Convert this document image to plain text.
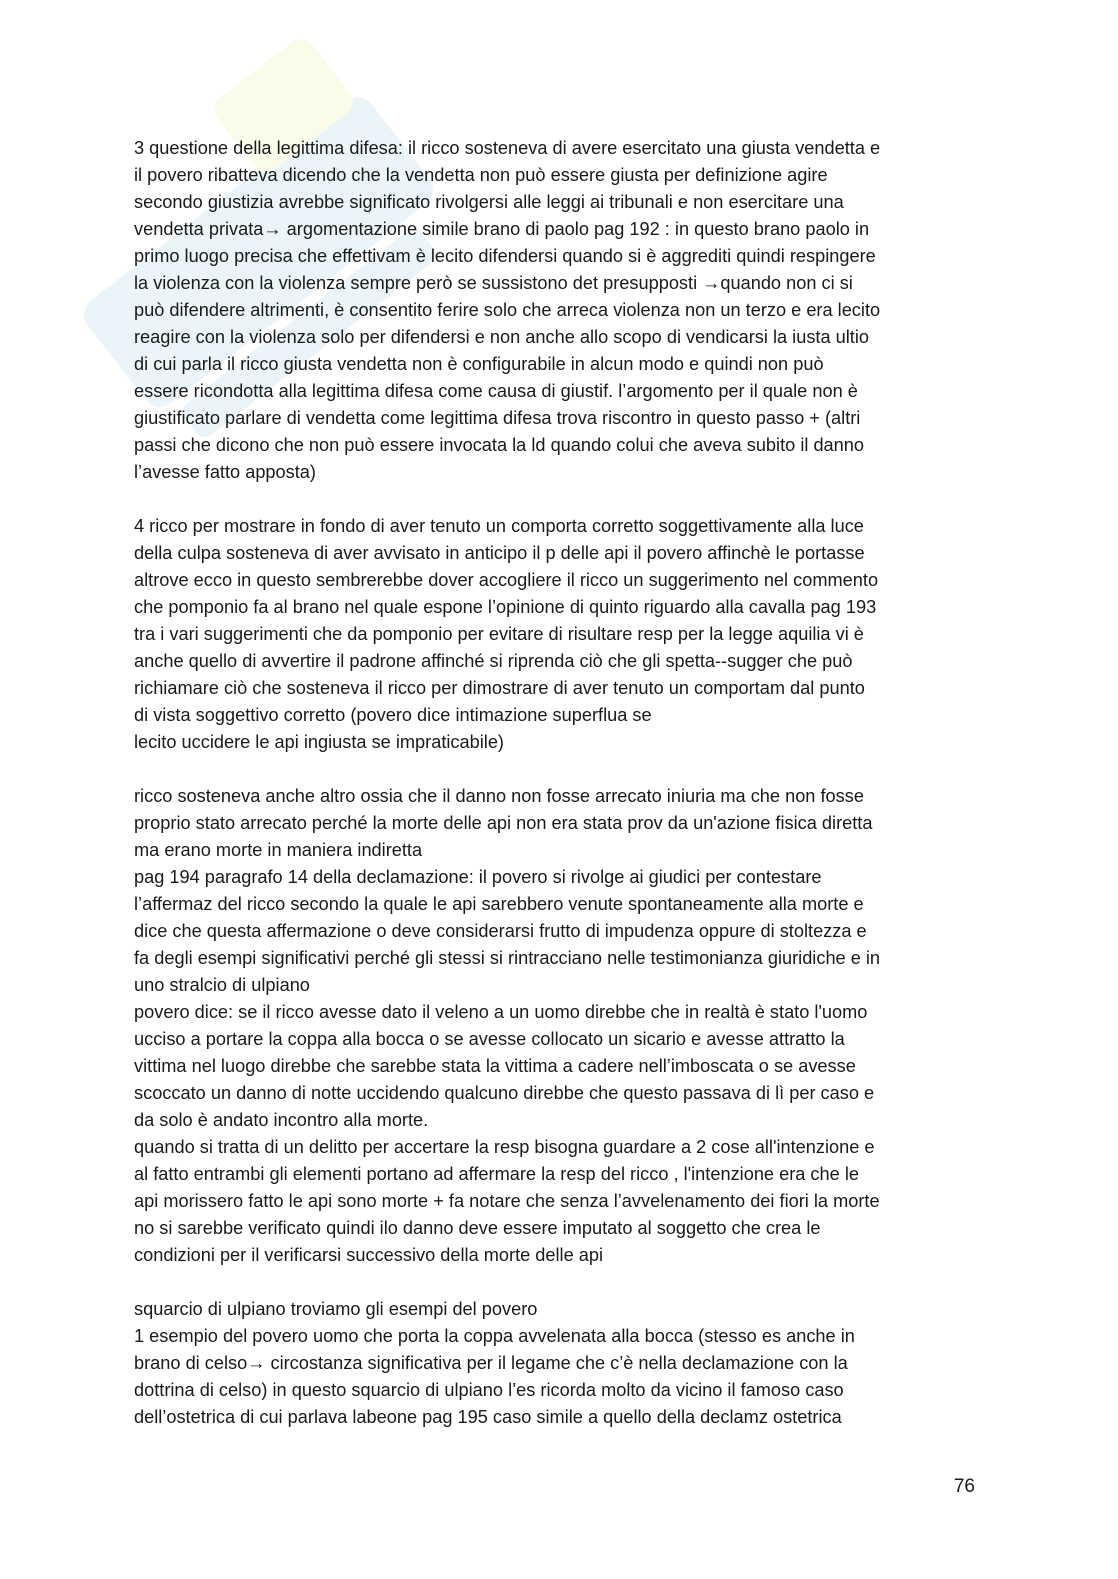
3 questione della legittima difesa: il ricco sosteneva di avere esercitato una giusta vendetta e
il povero ribatteva dicendo che la vendetta non può essere giusta per definizione agire
secondo giustizia avrebbe significato rivolgersi alle leggi ai tribunali e non esercitare una
vendetta privata→ argomentazione simile brano di paolo pag 192 : in questo brano paolo in
primo luogo precisa che effettivam è lecito difendersi quando si è aggrediti quindi respingere
la violenza con la violenza sempre però se sussistono det presupposti →quando non ci si
può difendere altrimenti, è consentito ferire solo che arreca violenza non un terzo e era lecito
reagire con la violenza solo per difendersi e non anche allo scopo di vendicarsi la iusta ultio
di cui parla il ricco giusta vendetta non è configurabile in alcun modo e quindi non può
essere ricondotta alla legittima difesa come causa di giustif. l’argomento per il quale non è
giustificato parlare di vendetta come legittima difesa trova riscontro in questo passo + (altri
passi che dicono che non può essere invocata la ld quando colui che aveva subito il danno
l’avesse fatto apposta)
4 ricco per mostrare in fondo di aver tenuto un comporta corretto soggettivamente alla luce
della culpa sosteneva di aver avvisato in anticipo il p delle api il povero affinchè le portasse
altrove ecco in questo sembrerebbe dover accogliere il ricco un suggerimento nel commento
che pomponio fa al brano nel quale espone l’opinione di quinto riguardo alla cavalla pag 193
tra i vari suggerimenti che da pomponio per evitare di risultare resp per la legge aquilia vi è
anche quello di avvertire il padrone affinché si riprenda ciò che gli spetta--sugger che può
richiamare ciò che sosteneva il ricco per dimostrare di aver tenuto un comportam dal punto
di vista soggettivo corretto (povero dice intimazione superflua se
lecito uccidere le api ingiusta se impraticabile)
ricco sosteneva anche altro ossia che il danno non fosse arrecato iniuria ma che non fosse
proprio stato arrecato perché la morte delle api non era stata prov da un'azione fisica diretta
ma erano morte in maniera indiretta
pag 194 paragrafo 14 della declamazione: il povero si rivolge ai giudici per contestare
l’affermaz del ricco secondo la quale le api sarebbero venute spontaneamente alla morte e
dice che questa affermazione o deve considerarsi frutto di impudenza oppure di stoltezza e
fa degli esempi significativi perché gli stessi si rintracciano nelle testimonianza giuridiche e in
uno stralcio di ulpiano
povero dice: se il ricco avesse dato il veleno a un uomo direbbe che in realtà è stato l'uomo
ucciso a portare la coppa alla bocca o se avesse collocato un sicario e avesse attratto la
vittima nel luogo direbbe che sarebbe stata la vittima a cadere nell’imboscata o se avesse
scoccato un danno di notte uccidendo qualcuno direbbe che questo passava di lì per caso e
da solo è andato incontro alla morte.
quando si tratta di un delitto per accertare la resp bisogna guardare a 2 cose all'intenzione e
al fatto entrambi gli elementi portano ad affermare la resp del ricco , l'intenzione era che le
api morissero fatto le api sono morte + fa notare che senza l’avvelenamento dei fiori la morte
no si sarebbe verificato quindi ilo danno deve essere imputato al soggetto che crea le
condizioni per il verificarsi successivo della morte delle api
squarcio di ulpiano troviamo gli esempi del povero
1 esempio del povero uomo che porta la coppa avvelenata alla bocca (stesso es anche in
brano di celso→ circostanza significativa per il legame che c’è nella declamazione con la
dottrina di celso) in questo squarcio di ulpiano l’es ricorda molto da vicino il famoso caso
dell’ostetrica di cui parlava labeone pag 195 caso simile a quello della declamz ostetrica
76
